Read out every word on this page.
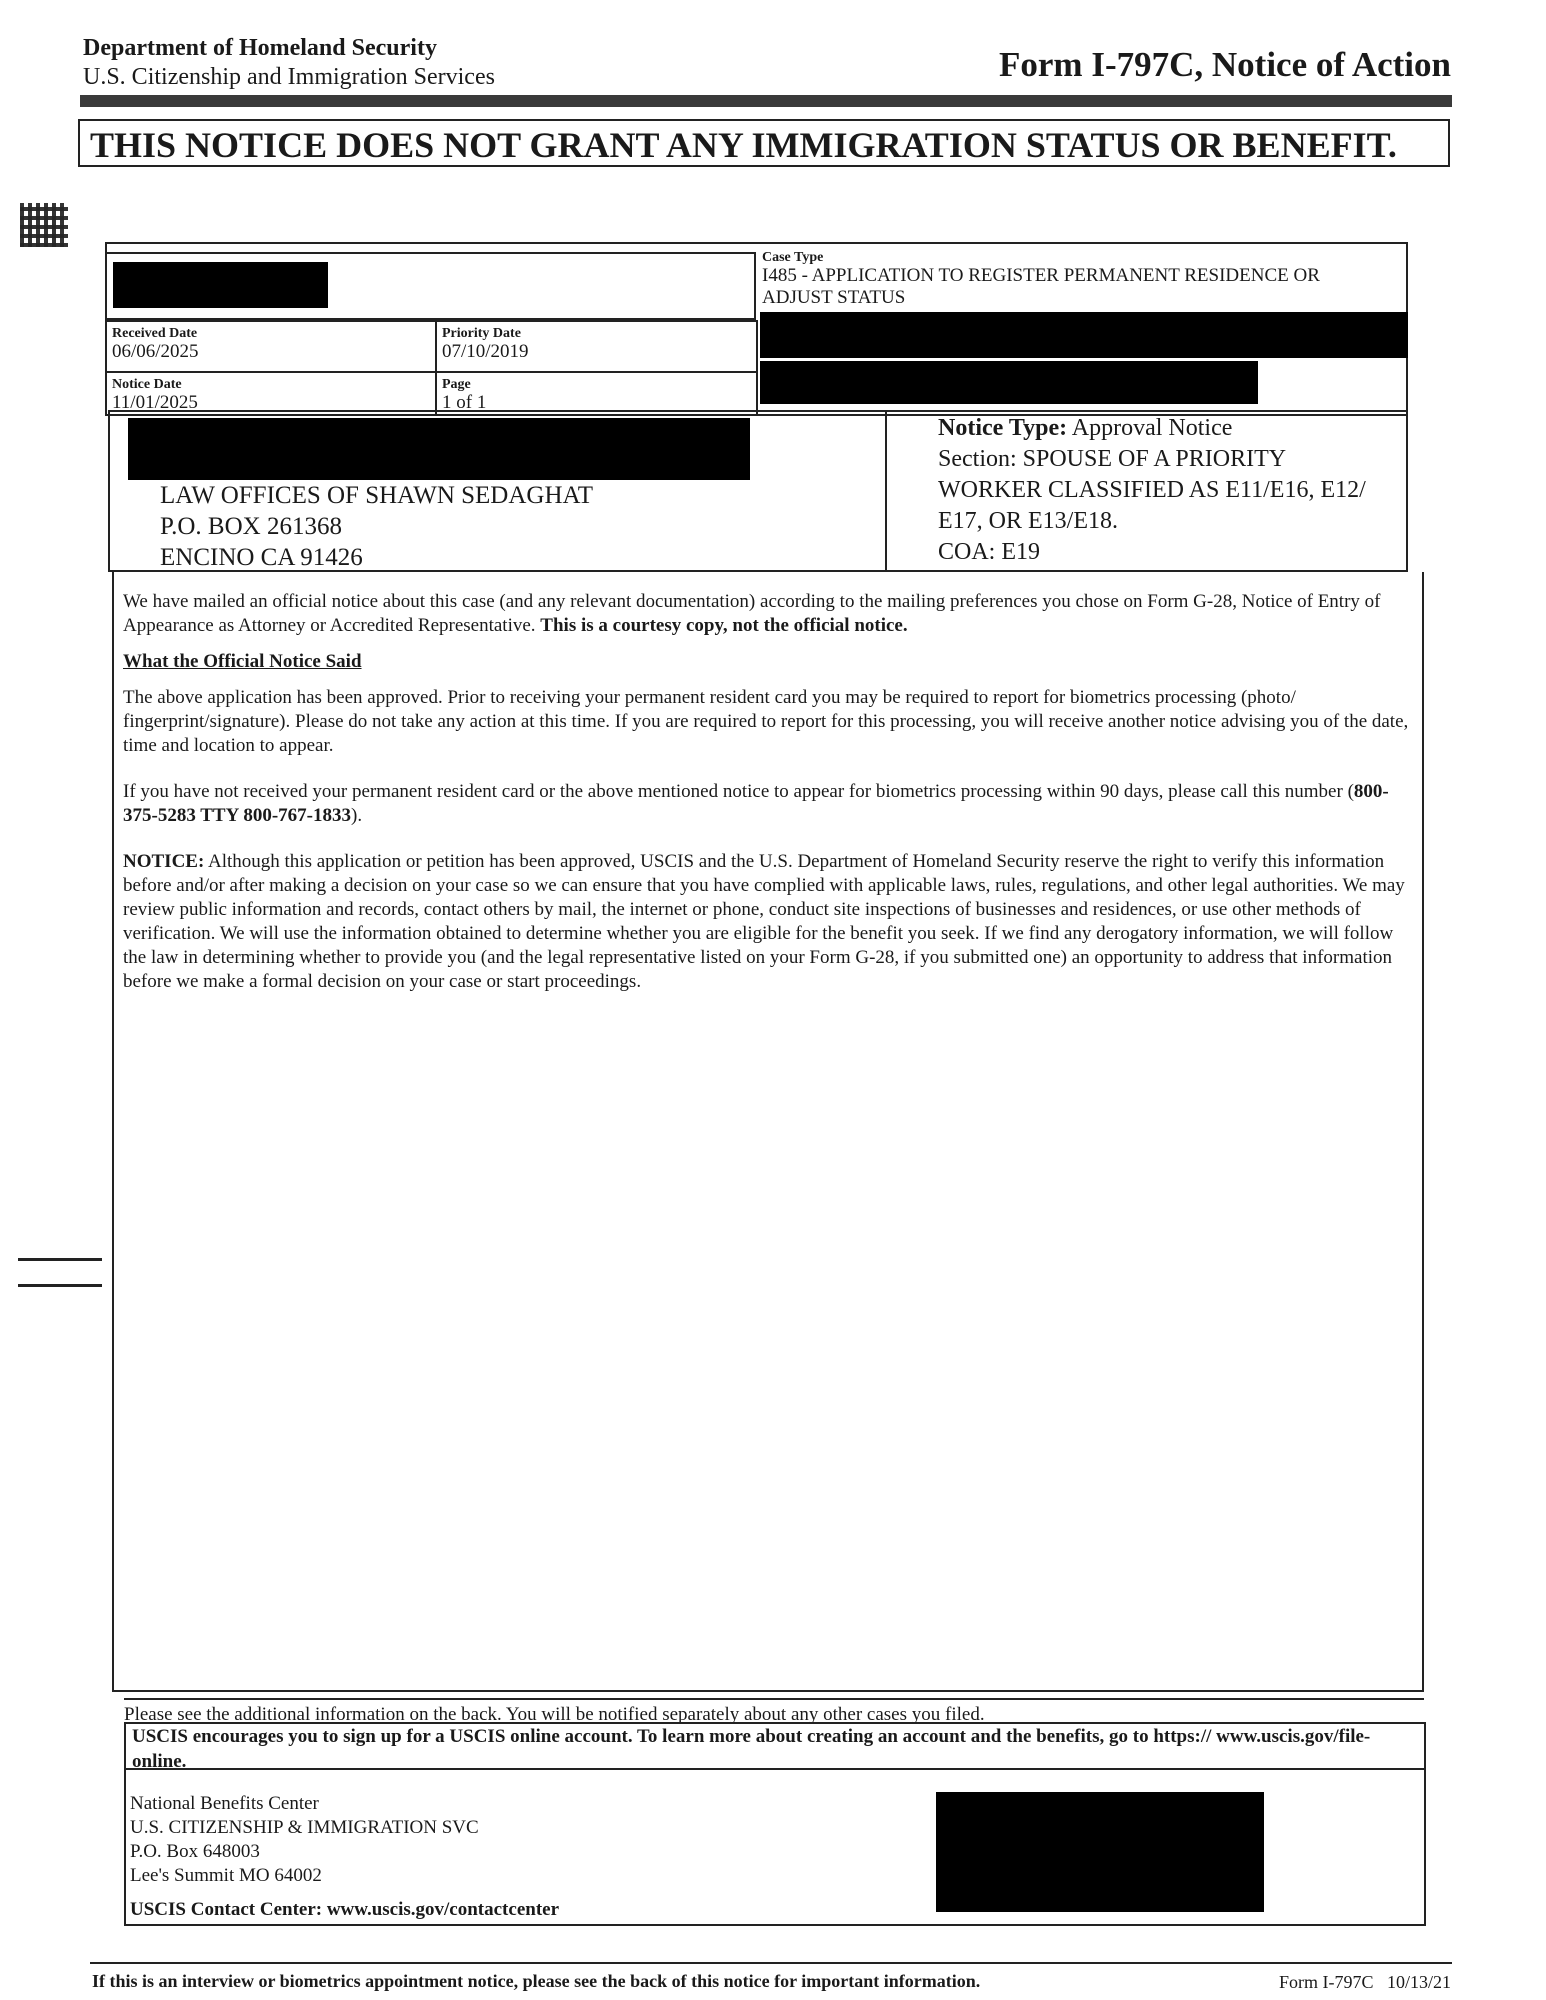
Department of Homeland Security
U.S. Citizenship and Immigration Services	Form I-797C, Notice of Action
THIS NOTICE DOES NOT GRANT ANY IMMIGRATION STATUS OR BENEFIT.
Case Type
I485 - APPLICATION TO REGISTER PERMANENT RESIDENCE OR ADJUST STATUS
Received Date
06/06/2025
Priority Date
07/10/2019
Notice Date
11/01/2025
Page
1 of 1
LAW OFFICES OF SHAWN SEDAGHAT
P.O. BOX 261368
ENCINO CA 91426
Notice Type: Approval Notice
Section: SPOUSE OF A PRIORITY
WORKER CLASSIFIED AS E11/E16, E12/
E17, OR E13/E18.
COA: E19

We have mailed an official notice about this case (and any relevant documentation) according to the mailing preferences you chose on Form G-28, Notice of Entry of Appearance as Attorney or Accredited Representative. This is a courtesy copy, not the official notice.

What the Official Notice Said

The above application has been approved. Prior to receiving your permanent resident card you may be required to report for biometrics processing (photo/ fingerprint/signature). Please do not take any action at this time. If you are required to report for this processing, you will receive another notice advising you of the date, time and location to appear.

If you have not received your permanent resident card or the above mentioned notice to appear for biometrics processing within 90 days, please call this number (800-375-5283 TTY 800-767-1833).

NOTICE: Although this application or petition has been approved, USCIS and the U.S. Department of Homeland Security reserve the right to verify this information before and/or after making a decision on your case so we can ensure that you have complied with applicable laws, rules, regulations, and other legal authorities. We may review public information and records, contact others by mail, the internet or phone, conduct site inspections of businesses and residences, or use other methods of verification. We will use the information obtained to determine whether you are eligible for the benefit you seek. If we find any derogatory information, we will follow the law in determining whether to provide you (and the legal representative listed on your Form G-28, if you submitted one) an opportunity to address that information before we make a formal decision on your case or start proceedings.

Please see the additional information on the back. You will be notified separately about any other cases you filed.
USCIS encourages you to sign up for a USCIS online account. To learn more about creating an account and the benefits, go to https:// www.uscis.gov/file-online.
National Benefits Center
U.S. CITIZENSHIP & IMMIGRATION SVC
P.O. Box 648003
Lee's Summit MO 64002
USCIS Contact Center: www.uscis.gov/contactcenter
If this is an interview or biometrics appointment notice, please see the back of this notice for important information.	Form I-797C   10/13/21
